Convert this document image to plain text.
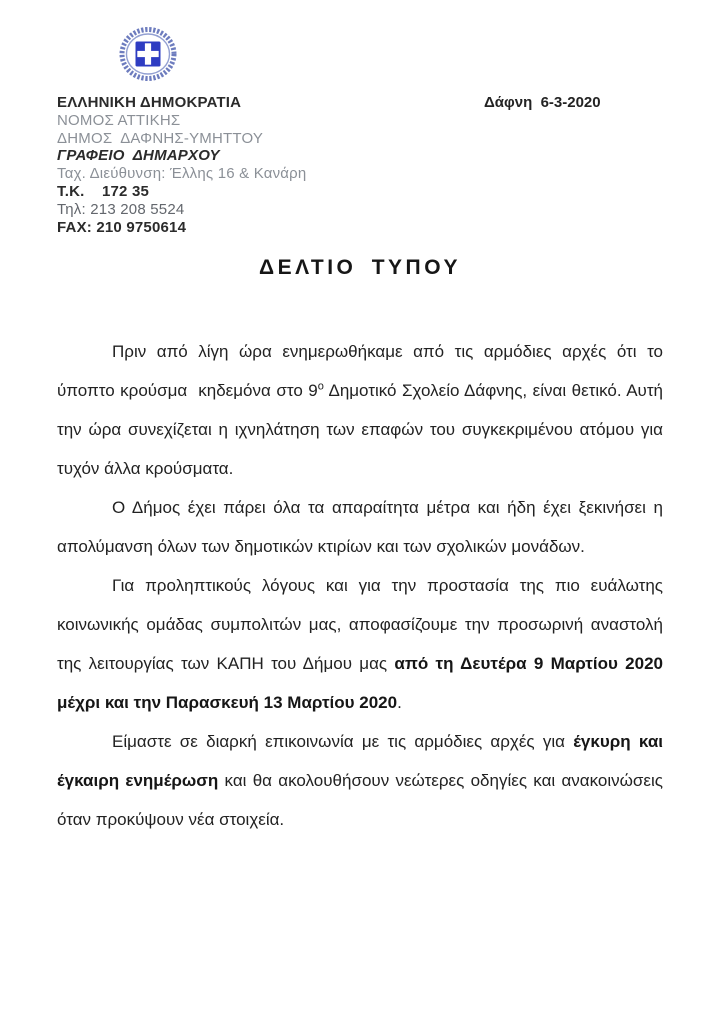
ΕΛΛΗΝΙΚΗ ΔΗΜΟΚΡΑΤΙΑ
ΝΟΜΟΣ ΑΤΤΙΚΗΣ
ΔΗΜΟΣ  ΔΑΦΝΗΣ-ΥΜΗΤΤΟΥ
ΓΡΑΦΕΙΟ  ΔΗΜΑΡΧΟΥ
Ταχ. Διεύθυνση: Έλλης 16 & Κανάρη
Τ.Κ.    172 35
Τηλ: 213 208 5524
FAX: 210 9750614
Δάφνη  6-3-2020
ΔΕΛΤΙΟ ΤΥΠΟΥ

Πριν από λίγη ώρα ενημερωθήκαμε από τις αρμόδιες αρχές ότι το ύποπτο κρούσμα  κηδεμόνα στο $9^o$ Δημοτικό Σχολείο Δάφνης, είναι θετικό. Αυτή την ώρα συνεχίζεται η ιχνηλάτηση των επαφών του συγκεκριμένου ατόμου για τυχόν άλλα κρούσματα.

Ο Δήμος έχει πάρει όλα τα απαραίτητα μέτρα και ήδη έχει ξεκινήσει η απολύμανση όλων των δημοτικών κτιρίων και των σχολικών μονάδων.

Για προληπτικούς λόγους και για την προστασία της πιο ευάλωτης κοινωνικής ομάδας συμπολιτών μας, αποφασίζουμε την προσωρινή αναστολή της λειτουργίας των ΚΑΠΗ του Δήμου μας από τη Δευτέρα 9 Μαρτίου 2020 μέχρι και την Παρασκευή 13 Μαρτίου 2020.

Είμαστε σε διαρκή επικοινωνία με τις αρμόδιες αρχές για έγκυρη και έγκαιρη ενημέρωση και θα ακολουθήσουν νεώτερες οδηγίες και ανακοινώσεις όταν προκύψουν νέα στοιχεία.
